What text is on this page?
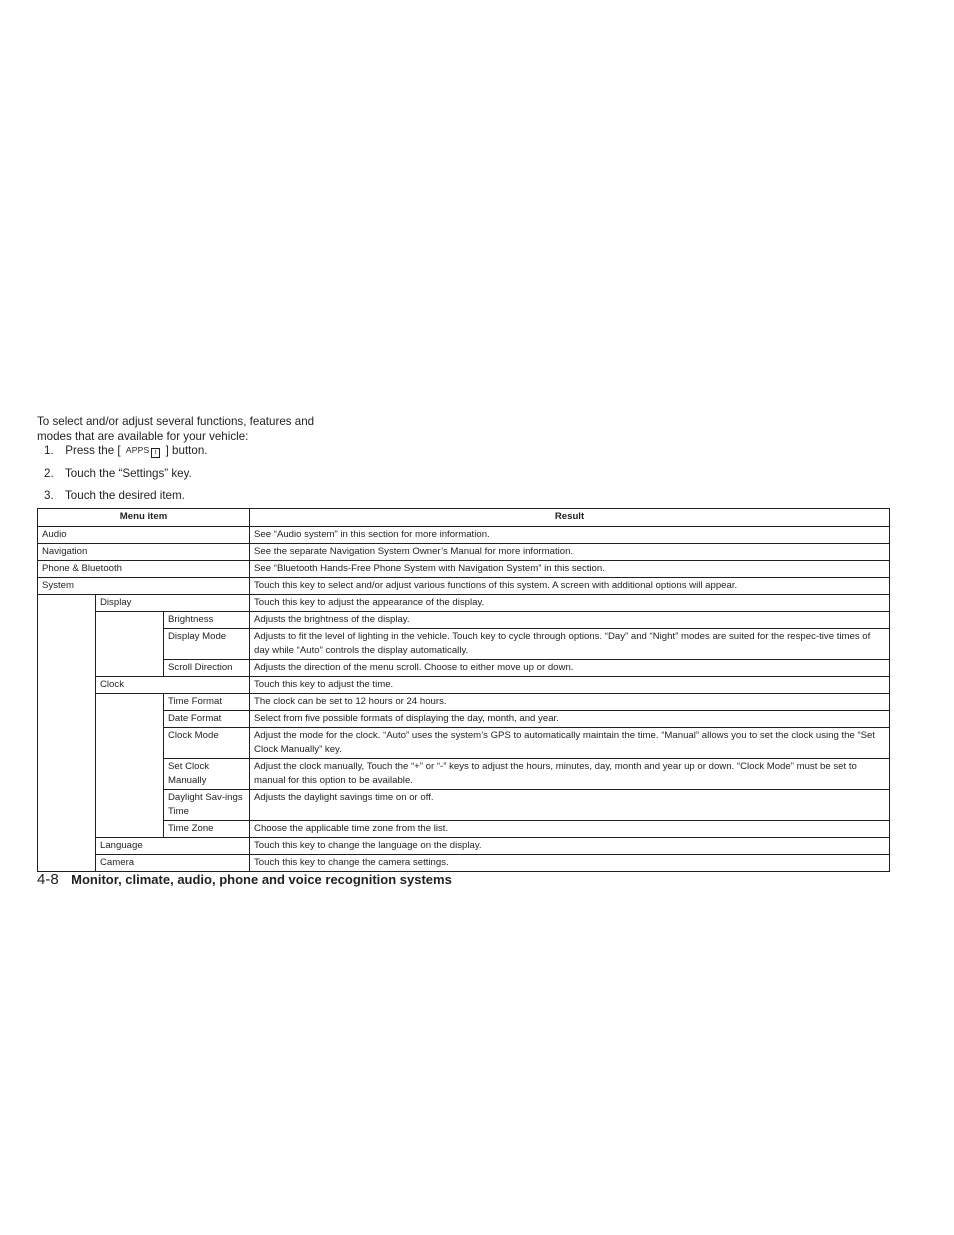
To select and/or adjust several functions, features and modes that are available for your vehicle:

1. Press the [ APPS i ] button.
2. Touch the “Settings” key.
3. Touch the desired item.
Menu item			Result
Audio			See “Audio system” in this section for more information.
Navigation			See the separate Navigation System Owner’s Manual for more information.
Phone & Bluetooth			See “Bluetooth Hands-Free Phone System with Navigation System” in this section.
System			Touch this key to select and/or adjust various functions of this system. A screen with additional options will appear.
	Display		Touch this key to adjust the appearance of the display.
		Brightness	Adjusts the brightness of the display.
		Display Mode	Adjusts to fit the level of lighting in the vehicle. Touch key to cycle through options. “Day” and “Night” modes are suited for the respec-tive times of day while “Auto” controls the display automatically.
		Scroll Direction	Adjusts the direction of the menu scroll. Choose to either move up or down.
	Clock		Touch this key to adjust the time.
		Time Format	The clock can be set to 12 hours or 24 hours.
		Date Format	Select from five possible formats of displaying the day, month, and year.
		Clock Mode	Adjust the mode for the clock. “Auto” uses the system’s GPS to automatically maintain the time. “Manual” allows you to set the clock using the “Set Clock Manually” key.
		Set Clock Manually	Adjust the clock manually, Touch the “+” or “-” keys to adjust the hours, minutes, day, month and year up or down. “Clock Mode” must be set to manual for this option to be available.
		Daylight Sav-ings Time	Adjusts the daylight savings time on or off.
		Time Zone	Choose the applicable time zone from the list.
	Language		Touch this key to change the language on the display.
	Camera		Touch this key to change the camera settings.
4-8 Monitor, climate, audio, phone and voice recognition systems
